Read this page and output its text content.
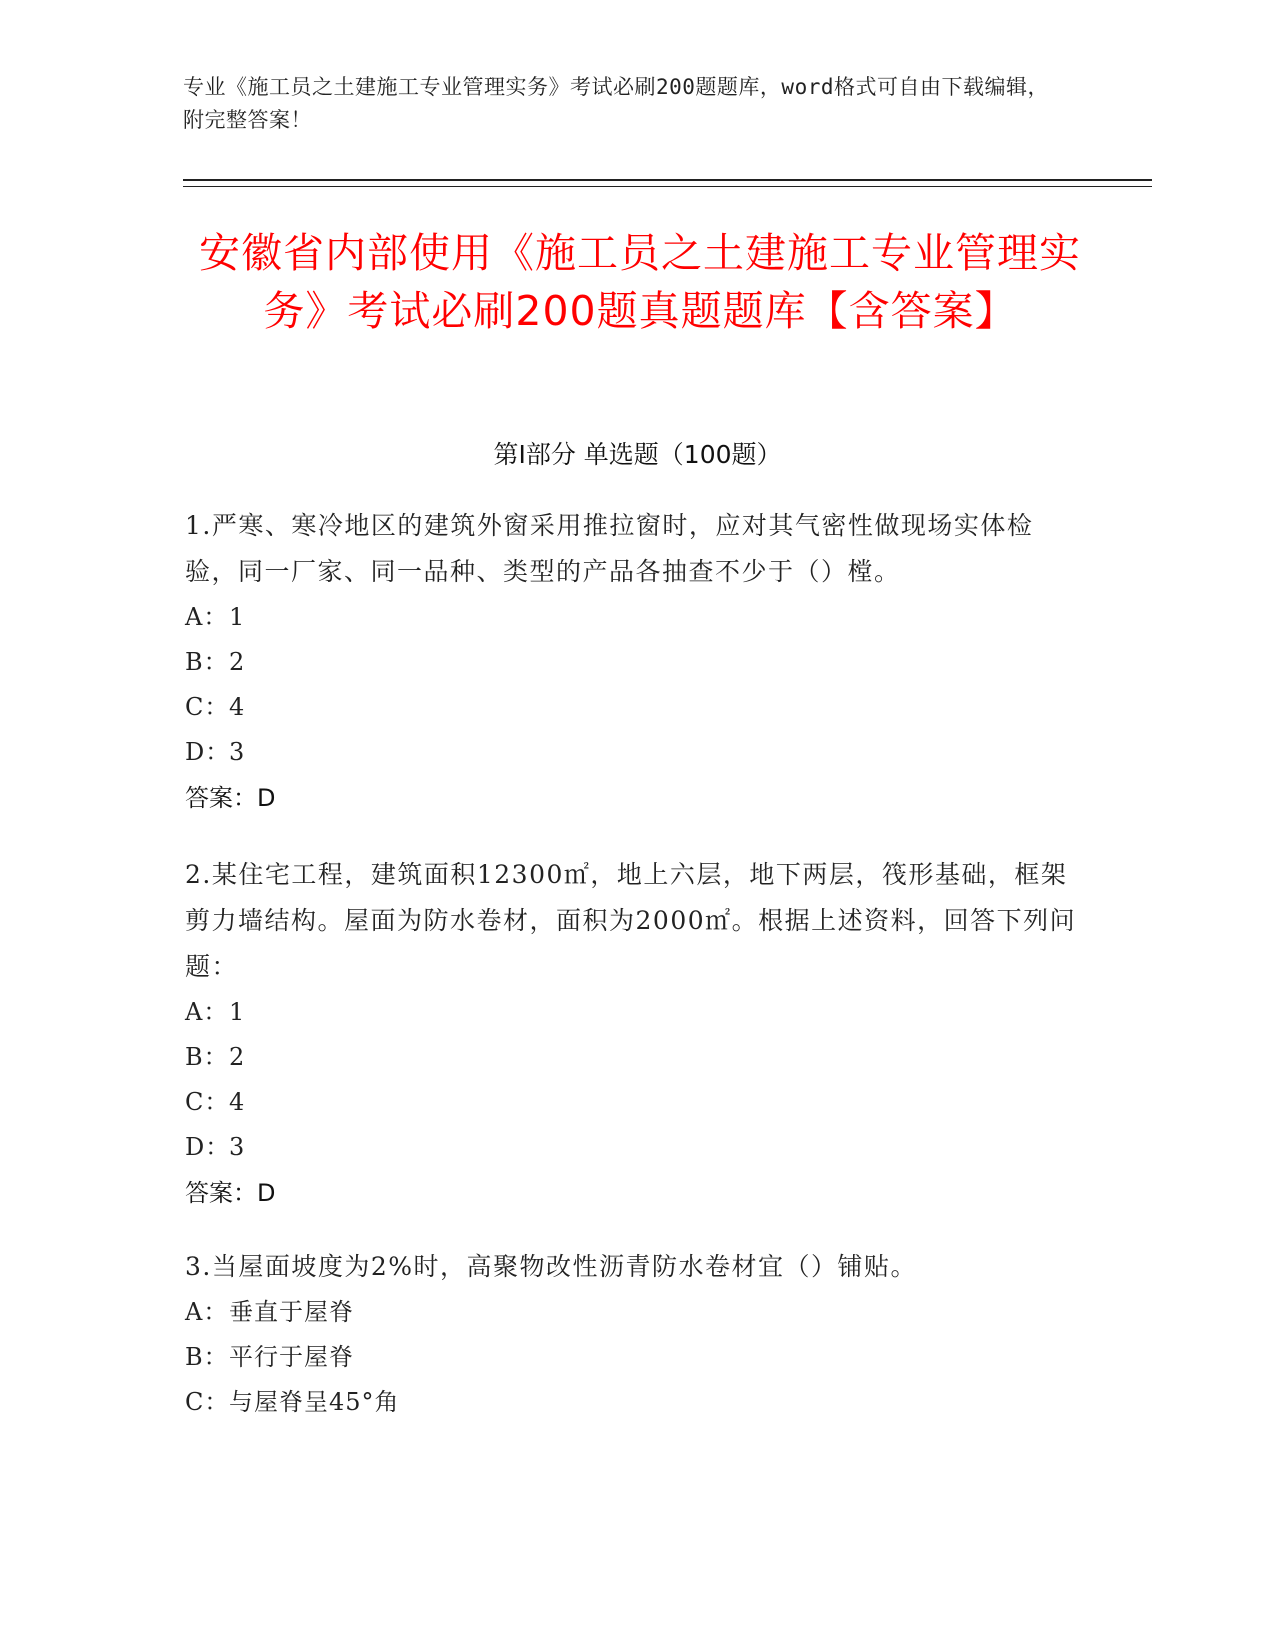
专业《施工员之土建施工专业管理实务》考试必刷200题题库，word格式可自由下载编辑，附完整答案！
安徽省内部使用《施工员之土建施工专业管理实务》考试必刷200题真题题库【含答案】
第I部分 单选题（100题）
1.严寒、寒冷地区的建筑外窗采用推拉窗时，应对其气密性做现场实体检验，同一厂家、同一品种、类型的产品各抽查不少于（）樘。
A：1
B：2
C：4
D：3
答案：D
2.某住宅工程，建筑面积12300㎡，地上六层，地下两层，筏形基础，框架剪力墙结构。屋面为防水卷材，面积为2000㎡。根据上述资料，回答下列问题：
A：1
B：2
C：4
D：3
答案：D
3.当屋面坡度为2%时，高聚物改性沥青防水卷材宜（）铺贴。
A：垂直于屋脊
B：平行于屋脊
C：与屋脊呈45°角
